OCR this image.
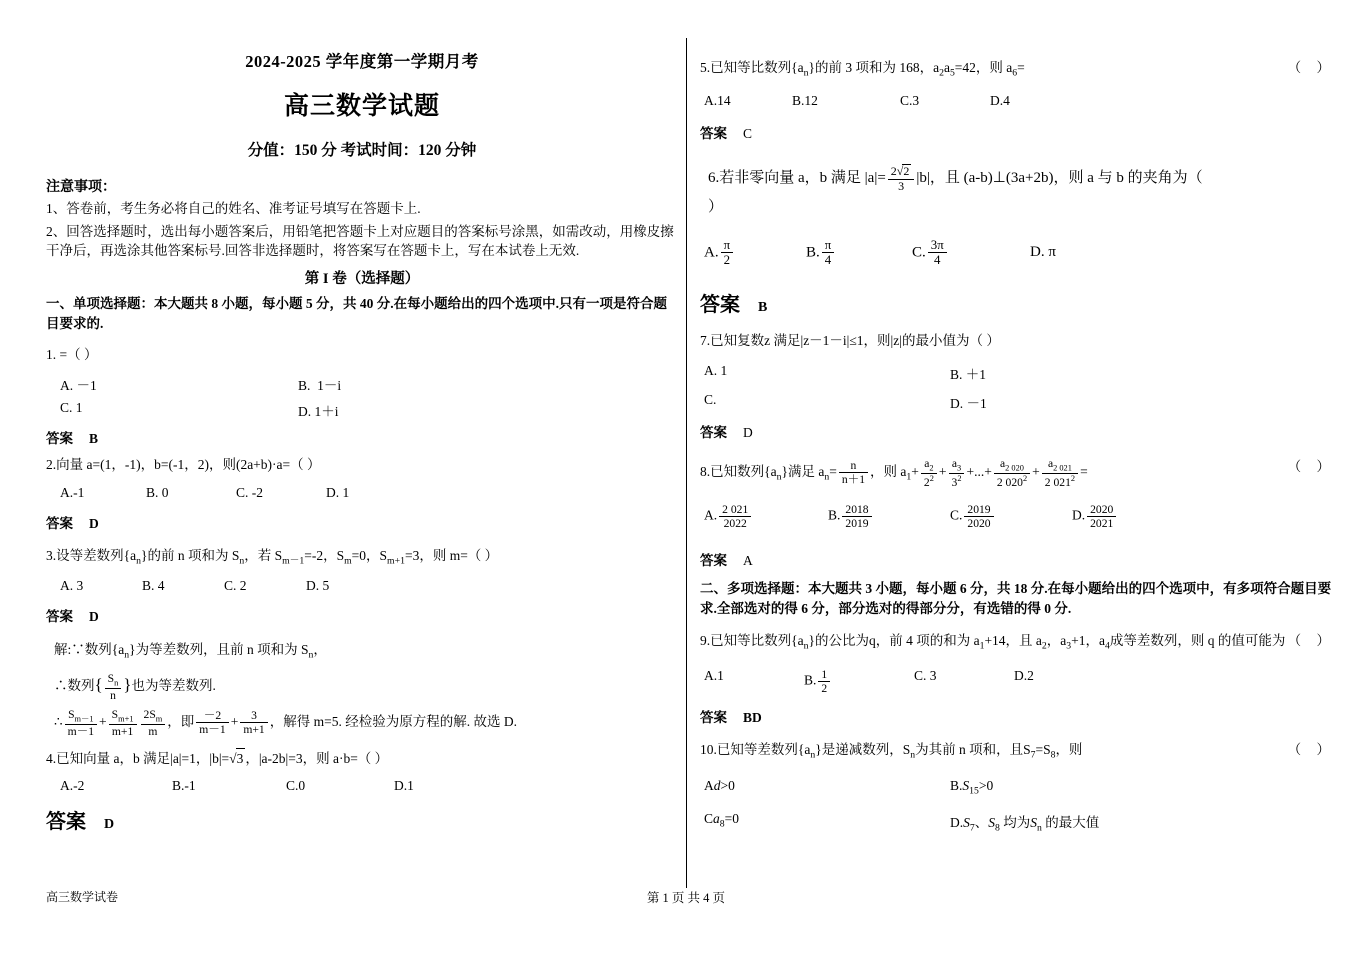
2024-2025 学年度第一学期月考
高三数学试题
分值：150 分 考试时间：120 分钟
注意事项：
1、答卷前，考生务必将自己的姓名、准考证号填写在答题卡上.
2、回答选择题时，选出每小题答案后，用铅笔把答题卡上对应题目的答案标号涂黑，如需改动，用橡皮擦干净后，再选涂其他答案标号.回答非选择题时，将答案写在答题卡上，写在本试卷上无效.
第 I 卷（选择题）
一、单项选择题：本大题共 8 小题，每小题 5 分，共 40 分.在每小题给出的四个选项中.只有一项是符合题目要求的.
1. =（ ）
A. －1	B. 1－i
C. 1	D. 1＋i
答案 B
2.向量 a=(1，-1)，b=(-1，2)，则(2a+b)·a=（ ）
A.-1	B. 0	C. -2	D. 1
答案 D
3.设等差数列$\{a_n\}$的前 n 项和为 $S_n$，若 $S_{m-1}=-2$，$S_m=0$，$S_{m+1}=3$，则 m=（ ）
A. 3	B. 4	C. 2	D. 5
答案 D
解:∵数列$\{a_n\}$为等差数列，且前 n 项和为 $S_n$，
∴数列{ $\frac{S_n}{n}$ }也为等差数列.
∴ $\frac{S_{m-1}}{m-1} + \frac{S_{m+1}}{m+1} \frac{2S_m}{m}$ ，即 $\frac{-2}{m-1} + \frac{3}{m+1}$ ，解得 m=5. 经检验为原方程的解. 故选 D.
4.已知向量 a，b 满足|a|=1，|b|=√3 ，|a-2b|=3，则 a·b=（ ）
A.-2	B.-1	C.0	D.1
答案 D
5.已知等比数列$\{a_n\}$的前 3 项和为 168，$a_2a_5=42$，则 $a_6=$	（ ）
A.14	B.12	C.3	D.4
答案 C
6.若非零向量 a，b 满足 $|a|= \frac{2√2}{3} |b|$，且 (a-b)⊥(3a+2b)，则 a 与 b 的夹角为（
）
A. $\frac{\pi}{2}$	B. $\frac{\pi}{4}$	C. $\frac{3\pi}{4}$	D. π
答案 B
7.已知复数z 满足|z－1－i|≤1，则|z|的最小值为（ ）
A. 1	B. ＋1
C.	D. －1
答案 D
8.已知数列$\{a_n\}$满足 $a_n= \frac{n}{n+1}$ ，则 $a_1+ \frac{a_2}{2^2} + \frac{a_3}{3^2}$ +...+ $\frac{a_{2 020}}{2 020^2} + \frac{a_{2 021}}{2 021^2}$ =	（ ）
A. $\frac{2 021}{2022}$	B. $\frac{2018}{2019}$	C. $\frac{2019}{2020}$	D. $\frac{2020}{2021}$
答案 A
二、多项选择题：本大题共 3 小题，每小题 6 分，共 18 分.在每小题给出的四个选项中，有多项符合题目要求.全部选对的得 6 分，部分选对的得部分分，有选错的得 0 分.
9.已知等比数列$\{a_n\}$的公比为q，前 4 项的和为 $a_1+14$，且 $a_2$，$a_3+1$，$a_4$成等差数列，则 q 的值可能为 （ ）
A.1	B. $\frac{1}{2}$	C. 3	D.2
答案 BD
10.已知等差数列$\{a_n\}$是递减数列，$S_n$为其前 n 项和，且$S_7=S_8$，则	（ ）
Ad>0	$B.S_{15}>0$
$Ca_8=0$	$D.S_7$、$S_8$ 均为$S_n$ 的最大值
高三数学试卷	第 1 页 共 4 页
